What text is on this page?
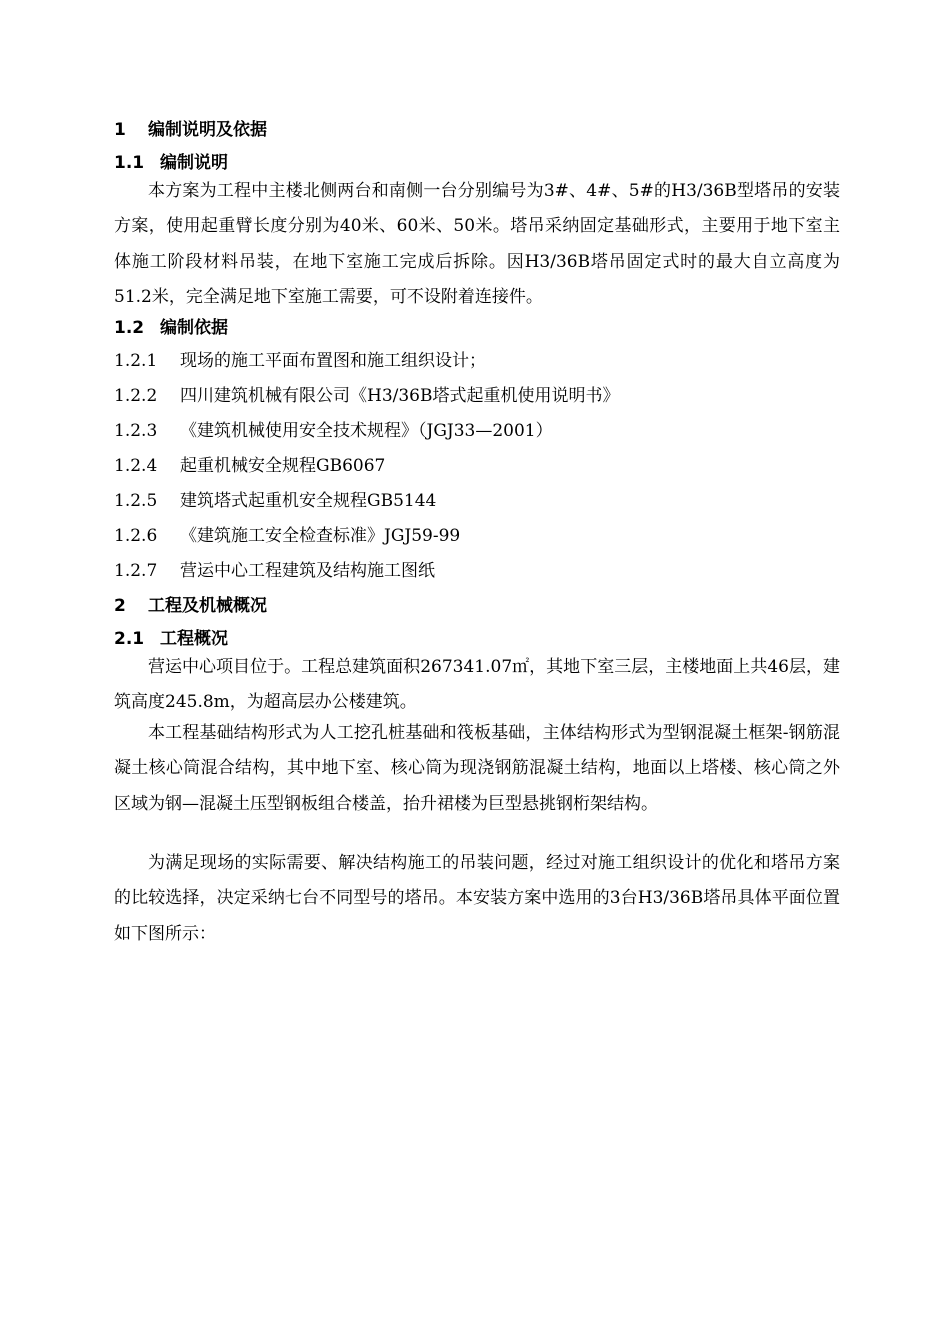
1 编制说明及依据
1.1 编制说明
本方案为工程中主楼北侧两台和南侧一台分别编号为3#、4#、5#的H3/36B型塔吊的安装方案，使用起重臂长度分别为40米、60米、50米。塔吊采纳固定基础形式，主要用于地下室主体施工阶段材料吊装，在地下室施工完成后拆除。因H3/36B塔吊固定式时的最大自立高度为51.2米，完全满足地下室施工需要，可不设附着连接件。
1.2 编制依据
1.2.1 现场的施工平面布置图和施工组织设计；
1.2.2 四川建筑机械有限公司《H3/36B塔式起重机使用说明书》
1.2.3 《建筑机械使用安全技术规程》（JGJ33—2001）
1.2.4 起重机械安全规程GB6067
1.2.5 建筑塔式起重机安全规程GB5144
1.2.6 《建筑施工安全检查标准》JGJ59-99
1.2.7 营运中心工程建筑及结构施工图纸
2 工程及机械概况
2.1 工程概况
营运中心项目位于。工程总建筑面积267341.07㎡，其地下室三层，主楼地面上共46层，建筑高度245.8m，为超高层办公楼建筑。
本工程基础结构形式为人工挖孔桩基础和筏板基础，主体结构形式为型钢混凝土框架-钢筋混凝土核心筒混合结构，其中地下室、核心筒为现浇钢筋混凝土结构，地面以上塔楼、核心筒之外区域为钢—混凝土压型钢板组合楼盖，抬升裙楼为巨型悬挑钢桁架结构。
为满足现场的实际需要、解决结构施工的吊装问题，经过对施工组织设计的优化和塔吊方案的比较选择，决定采纳七台不同型号的塔吊。本安装方案中选用的3台H3/36B塔吊具体平面位置如下图所示：
